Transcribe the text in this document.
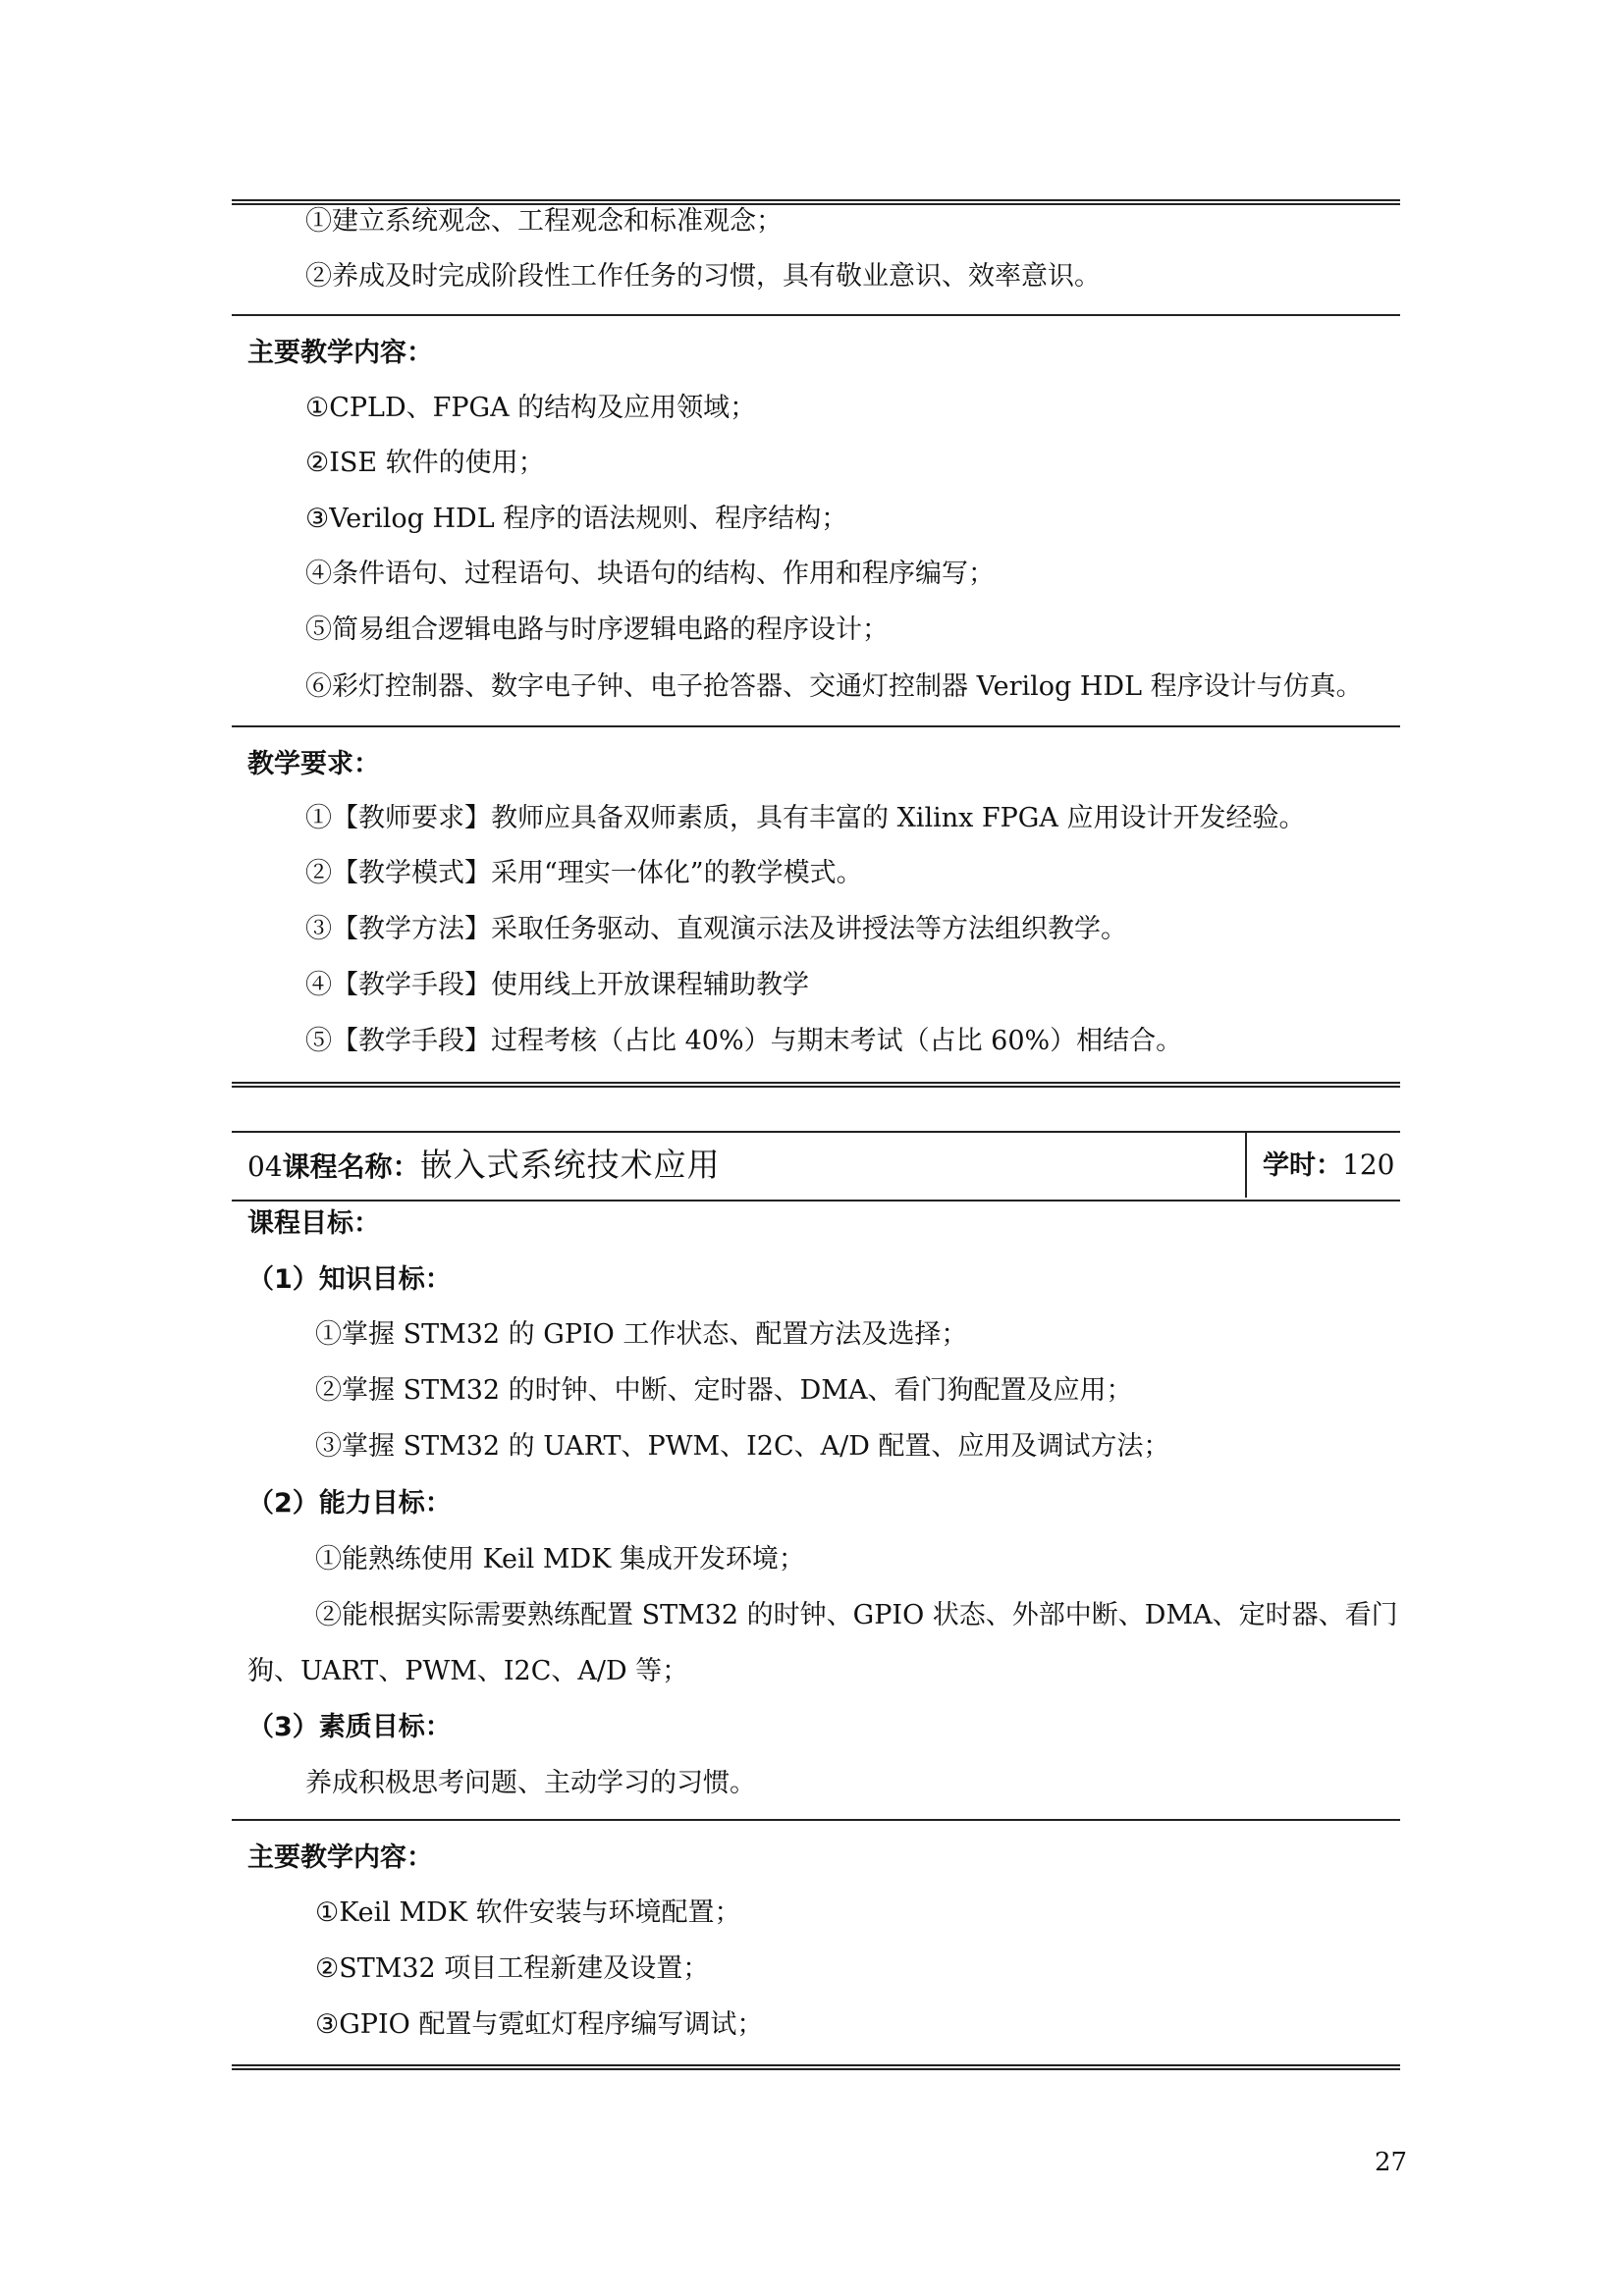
①建立系统观念、工程观念和标准观念；
②养成及时完成阶段性工作任务的习惯，具有敬业意识、效率意识。
主要教学内容：
①CPLD、FPGA 的结构及应用领域；
②ISE 软件的使用；
③Verilog HDL 程序的语法规则、程序结构；
④条件语句、过程语句、块语句的结构、作用和程序编写；
⑤简易组合逻辑电路与时序逻辑电路的程序设计；
⑥彩灯控制器、数字电子钟、电子抢答器、交通灯控制器 Verilog HDL 程序设计与仿真。
教学要求：
①【教师要求】教师应具备双师素质，具有丰富的 Xilinx FPGA 应用设计开发经验。
②【教学模式】采用“理实一体化”的教学模式。
③【教学方法】采取任务驱动、直观演示法及讲授法等方法组织教学。
④【教学手段】使用线上开放课程辅助教学
⑤【教学手段】过程考核（占比 40%）与期末考试（占比 60%）相结合。
04课程名称：嵌入式系统技术应用	学时：120
课程目标：
（1）知识目标：
①掌握 STM32 的 GPIO 工作状态、配置方法及选择；
②掌握 STM32 的时钟、中断、定时器、DMA、看门狗配置及应用；
③掌握 STM32 的 UART、PWM、I2C、A/D 配置、应用及调试方法；
（2）能力目标：
①能熟练使用 Keil MDK 集成开发环境；
②能根据实际需要熟练配置 STM32 的时钟、GPIO 状态、外部中断、DMA、定时器、看门
狗、UART、PWM、I2C、A/D 等；
（3）素质目标：
养成积极思考问题、主动学习的习惯。
主要教学内容：
①Keil MDK 软件安装与环境配置；
②STM32 项目工程新建及设置；
③GPIO 配置与霓虹灯程序编写调试；
27
